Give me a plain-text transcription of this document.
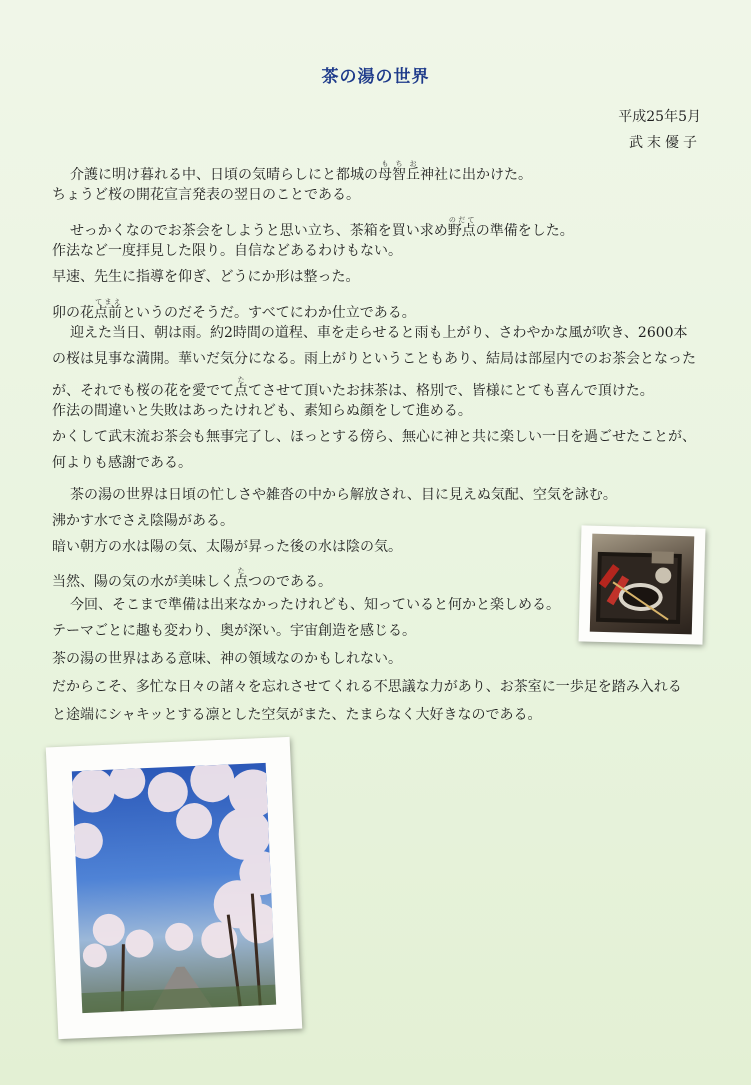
茶の湯の世界
平成25年5月
武末優子
介護に明け暮れる中、日頃の気晴らしにと都城の母智丘もちお神社に出かけた。
ちょうど桜の開花宣言発表の翌日のことである。
せっかくなのでお茶会をしようと思い立ち、茶箱を買い求め野点のだての準備をした。
作法など一度拝見した限り。自信などあるわけもない。
早速、先生に指導を仰ぎ、どうにか形は整った。
卯の花点前てまえというのだそうだ。すべてにわか仕立である。
迎えた当日、朝は雨。約2時間の道程、車を走らせると雨も上がり、さわやかな風が吹き、2600本
の桜は見事な満開。華いだ気分になる。雨上がりということもあり、結局は部屋内でのお茶会となった
が、それでも桜の花を愛でて点たてさせて頂いたお抹茶は、格別で、皆様にとても喜んで頂けた。
作法の間違いと失敗はあったけれども、素知らぬ顔をして進める。
かくして武末流お茶会も無事完了し、ほっとする傍ら、無心に神と共に楽しい一日を過ごせたことが、
何よりも感謝である。
茶の湯の世界は日頃の忙しさや雑沓の中から解放され、目に見えぬ気配、空気を詠む。
沸かす水でさえ陰陽がある。
暗い朝方の水は陽の気、太陽が昇った後の水は陰の気。
当然、陽の気の水が美味しく点たつのである。
今回、そこまで準備は出来なかったけれども、知っていると何かと楽しめる。
テーマごとに趣も変わり、奥が深い。宇宙創造を感じる。
茶の湯の世界はある意味、神の領域なのかもしれない。
だからこそ、多忙な日々の諸々を忘れさせてくれる不思議な力があり、お茶室に一歩足を踏み入れる
と途端にシャキッとする凛とした空気がまた、たまらなく大好きなのである。
